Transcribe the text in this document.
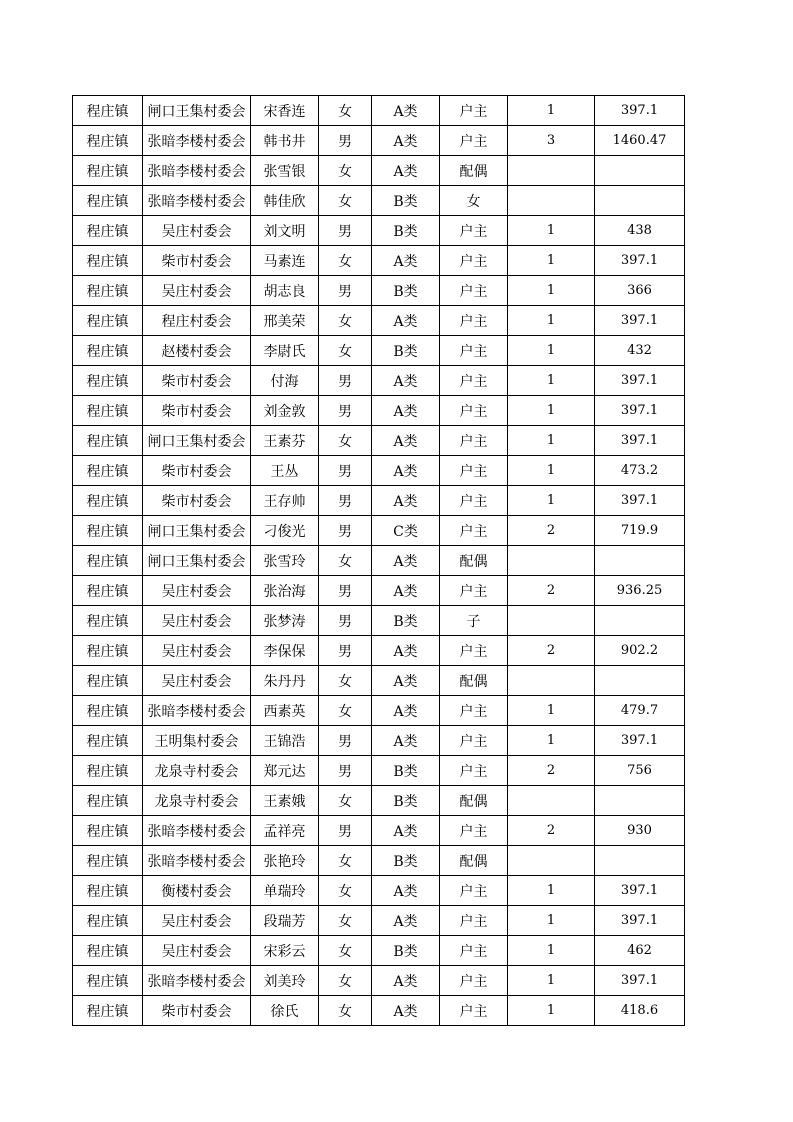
程庄镇	闸口王集村委会	宋香连	女	A类	户主	1	397.1
程庄镇	张暗李楼村委会	韩书井	男	A类	户主	3	1460.47
程庄镇	张暗李楼村委会	张雪银	女	A类	配偶		
程庄镇	张暗李楼村委会	韩佳欣	女	B类	女		
程庄镇	吴庄村委会	刘文明	男	B类	户主	1	438
程庄镇	柴市村委会	马素连	女	A类	户主	1	397.1
程庄镇	吴庄村委会	胡志良	男	B类	户主	1	366
程庄镇	程庄村委会	邢美荣	女	A类	户主	1	397.1
程庄镇	赵楼村委会	李尉氏	女	B类	户主	1	432
程庄镇	柴市村委会	付海	男	A类	户主	1	397.1
程庄镇	柴市村委会	刘金敦	男	A类	户主	1	397.1
程庄镇	闸口王集村委会	王素芬	女	A类	户主	1	397.1
程庄镇	柴市村委会	王丛	男	A类	户主	1	473.2
程庄镇	柴市村委会	王存帅	男	A类	户主	1	397.1
程庄镇	闸口王集村委会	刁俊光	男	C类	户主	2	719.9
程庄镇	闸口王集村委会	张雪玲	女	A类	配偶		
程庄镇	吴庄村委会	张治海	男	A类	户主	2	936.25
程庄镇	吴庄村委会	张梦涛	男	B类	子		
程庄镇	吴庄村委会	李保保	男	A类	户主	2	902.2
程庄镇	吴庄村委会	朱丹丹	女	A类	配偶		
程庄镇	张暗李楼村委会	西素英	女	A类	户主	1	479.7
程庄镇	王明集村委会	王锦浩	男	A类	户主	1	397.1
程庄镇	龙泉寺村委会	郑元达	男	B类	户主	2	756
程庄镇	龙泉寺村委会	王素娥	女	B类	配偶		
程庄镇	张暗李楼村委会	孟祥亮	男	A类	户主	2	930
程庄镇	张暗李楼村委会	张艳玲	女	B类	配偶		
程庄镇	衡楼村委会	单瑞玲	女	A类	户主	1	397.1
程庄镇	吴庄村委会	段瑞芳	女	A类	户主	1	397.1
程庄镇	吴庄村委会	宋彩云	女	B类	户主	1	462
程庄镇	张暗李楼村委会	刘美玲	女	A类	户主	1	397.1
程庄镇	柴市村委会	徐氏	女	A类	户主	1	418.6
